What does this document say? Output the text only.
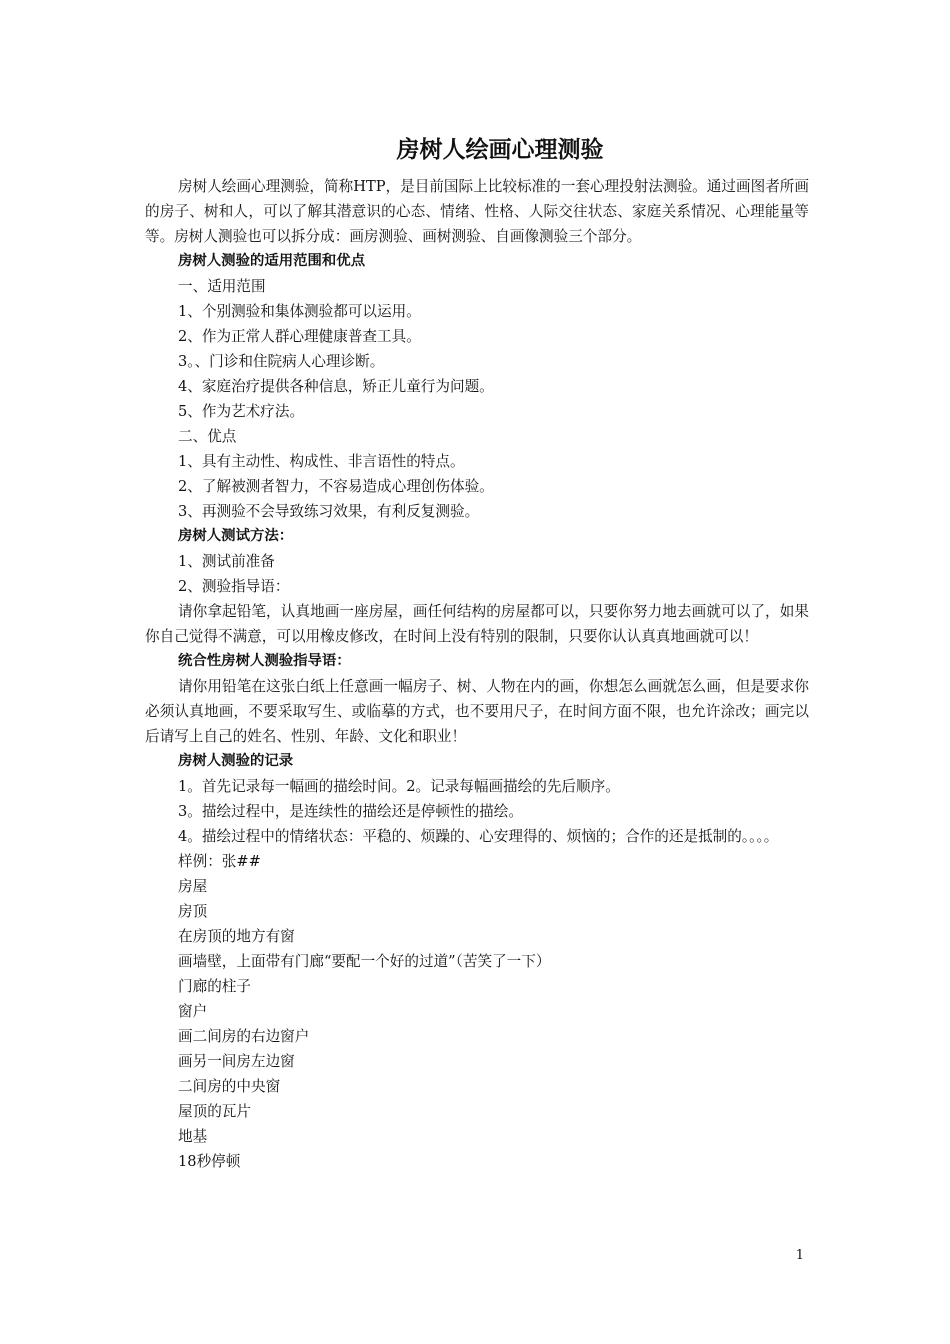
房树人绘画心理测验

房树人绘画心理测验，简称HTP，是目前国际上比较标准的一套心理投射法测验。通过画图者所画的房子、树和人，可以了解其潜意识的心态、情绪、性格、人际交往状态、家庭关系情况、心理能量等等。房树人测验也可以拆分成：画房测验、画树测验、自画像测验三个部分。

房树人测验的适用范围和优点

一、适用范围

1、个别测验和集体测验都可以运用。

2、作为正常人群心理健康普查工具。

3。、门诊和住院病人心理诊断。

4、家庭治疗提供各种信息，矫正儿童行为问题。

5、作为艺术疗法。

二、优点

1、具有主动性、构成性、非言语性的特点。

2、了解被测者智力，不容易造成心理创伤体验。

3、再测验不会导致练习效果，有利反复测验。

房树人测试方法：

1、测试前准备

2、测验指导语：

请你拿起铅笔，认真地画一座房屋，画任何结构的房屋都可以，只要你努力地去画就可以了，如果你自己觉得不满意，可以用橡皮修改，在时间上没有特别的限制，只要你认认真真地画就可以！

统合性房树人测验指导语：

请你用铅笔在这张白纸上任意画一幅房子、树、人物在内的画，你想怎么画就怎么画，但是要求你必须认真地画，不要采取写生、或临摹的方式，也不要用尺子，在时间方面不限，也允许涂改；画完以后请写上自己的姓名、性别、年龄、文化和职业！

房树人测验的记录

1。首先记录每一幅画的描绘时间。2。记录每幅画描绘的先后顺序。

3。描绘过程中，是连续性的描绘还是停顿性的描绘。

4。描绘过程中的情绪状态：平稳的、烦躁的、心安理得的、烦恼的；合作的还是抵制的。。。。

样例：张##

房屋

房顶

在房顶的地方有窗

画墙壁，上面带有门廊“要配一个好的过道”（苦笑了一下）

门廊的柱子

窗户

画二间房的右边窗户

画另一间房左边窗

二间房的中央窗

屋顶的瓦片

地基

18秒停顿

1
